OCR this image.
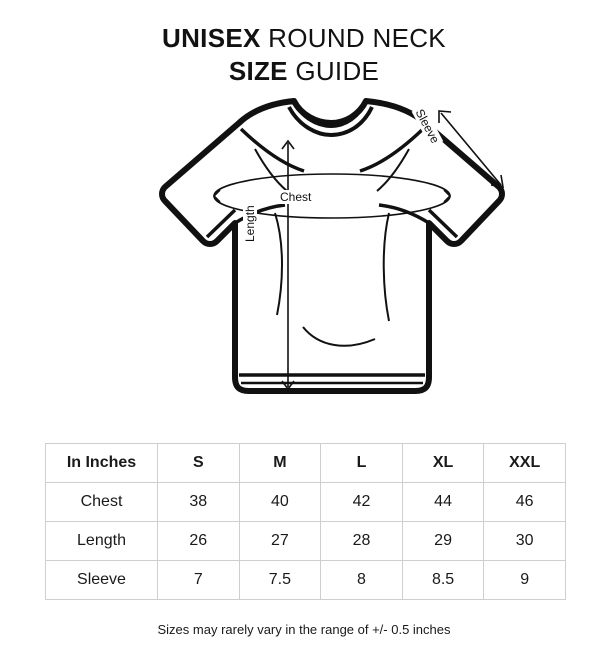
UNISEX ROUND NECK
SIZE GUIDE
Chest
Length
Sleeve
In Inches	S	M	L	XL	XXL
Chest	38	40	42	44	46
Length	26	27	28	29	30
Sleeve	7	7.5	8	8.5	9
Sizes may rarely vary in the range of +/- 0.5 inches
